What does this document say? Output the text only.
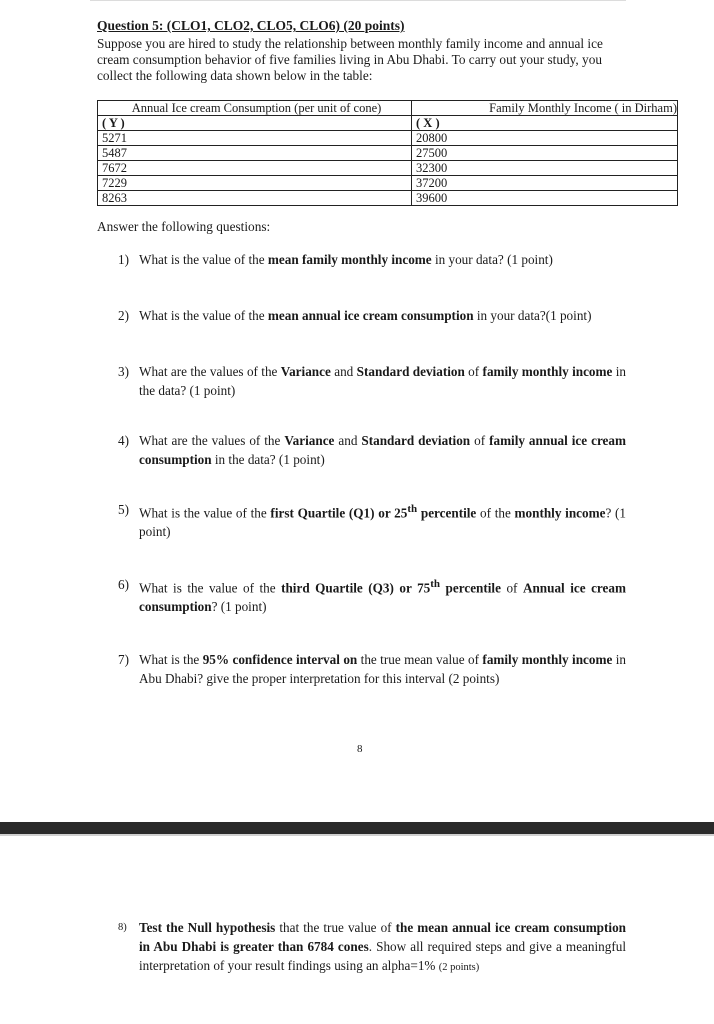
Question 5: (CLO1, CLO2, CLO5, CLO6) (20 points)
Suppose you are hired to study the relationship between monthly family income and annual ice cream consumption behavior of five families living in Abu Dhabi. To carry out your study, you collect the following data shown below in the table:
Annual Ice cream Consumption (per unit of cone)	Family Monthly Income ( in Dirham)
( Y )	( X )
5271	20800
5487	27500
7672	32300
7229	37200
8263	39600
Answer the following questions:
1) What is the value of the mean family monthly income in your data? (1 point)
2) What is the value of the mean annual ice cream consumption in your data?(1 point)
3) What are the values of the Variance and Standard deviation of family monthly income in the data? (1 point)
4) What are the values of the Variance and Standard deviation of family annual ice cream consumption in the data? (1 point)
5) What is the value of the first Quartile (Q1) or 25th percentile of the monthly income? (1 point)
6) What is the value of the third Quartile (Q3) or 75th percentile of Annual ice cream consumption? (1 point)
7) What is the 95% confidence interval on the true mean value of family monthly income in Abu Dhabi? give the proper interpretation for this interval (2 points)
8
8) Test the Null hypothesis that the true value of the mean annual ice cream consumption in Abu Dhabi is greater than 6784 cones. Show all required steps and give a meaningful interpretation of your result findings using an alpha=1% (2 points)
